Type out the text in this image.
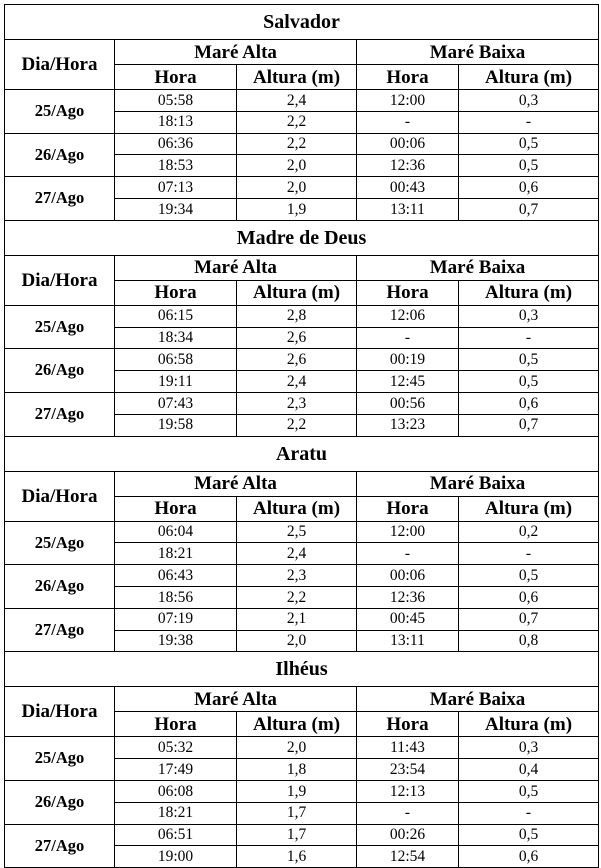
Salvador				
Dia/Hora	Maré Alta		Maré Baixa	
	Hora	Altura (m)	Hora	Altura (m)
25/Ago	05:58	2,4	12:00	0,3
	18:13	2,2	-	-
26/Ago	06:36	2,2	00:06	0,5
	18:53	2,0	12:36	0,5
27/Ago	07:13	2,0	00:43	0,6
	19:34	1,9	13:11	0,7
Madre de Deus				
Dia/Hora	Maré Alta		Maré Baixa	
	Hora	Altura (m)	Hora	Altura (m)
25/Ago	06:15	2,8	12:06	0,3
	18:34	2,6	-	-
26/Ago	06:58	2,6	00:19	0,5
	19:11	2,4	12:45	0,5
27/Ago	07:43	2,3	00:56	0,6
	19:58	2,2	13:23	0,7
Aratu				
Dia/Hora	Maré Alta		Maré Baixa	
	Hora	Altura (m)	Hora	Altura (m)
25/Ago	06:04	2,5	12:00	0,2
	18:21	2,4	-	-
26/Ago	06:43	2,3	00:06	0,5
	18:56	2,2	12:36	0,6
27/Ago	07:19	2,1	00:45	0,7
	19:38	2,0	13:11	0,8
Ilhéus				
Dia/Hora	Maré Alta		Maré Baixa	
	Hora	Altura (m)	Hora	Altura (m)
25/Ago	05:32	2,0	11:43	0,3
	17:49	1,8	23:54	0,4
26/Ago	06:08	1,9	12:13	0,5
	18:21	1,7	-	-
27/Ago	06:51	1,7	00:26	0,5
	19:00	1,6	12:54	0,6
